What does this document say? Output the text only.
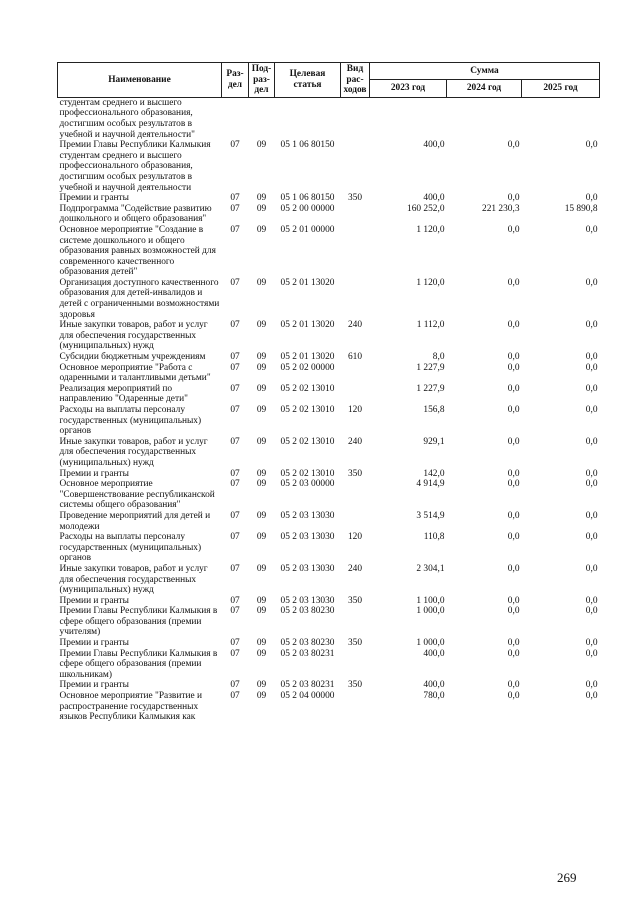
Наименование	Раз-дел	Под-раз-дел	Целевая статья	Вид рас-ходов	Сумма		
					2023 год	2024 год	2025 год
студентам среднего и высшего профессионального образования, достигшим особых результатов в учебной и научной деятельности"							
Премии Главы Республики Калмыкия студентам среднего и высшего профессионального образования, достигшим особых результатов в учебной и научной деятельности	07	09	05 1 06 80150		400,0	0,0	0,0
Премии и гранты	07	09	05 1 06 80150	350	400,0	0,0	0,0
Подпрограмма "Содействие развитию дошкольного и общего образования"	07	09	05 2 00 00000		160 252,0	221 230,3	15 890,8
Основное мероприятие "Создание в системе дошкольного и общего образования равных возможностей для современного качественного образования детей"	07	09	05 2 01 00000		1 120,0	0,0	0,0
Организация доступного качественного образования для детей-инвалидов и детей с ограниченными возможностями здоровья	07	09	05 2 01 13020		1 120,0	0,0	0,0
Иные закупки товаров, работ и услуг для обеспечения государственных (муниципальных) нужд	07	09	05 2 01 13020	240	1 112,0	0,0	0,0
Субсидии бюджетным учреждениям	07	09	05 2 01 13020	610	8,0	0,0	0,0
Основное мероприятие "Работа с одаренными и талантливыми детьми"	07	09	05 2 02 00000		1 227,9	0,0	0,0
Реализация мероприятий по направлению "Одаренные дети"	07	09	05 2 02 13010		1 227,9	0,0	0,0
Расходы на выплаты персоналу государственных (муниципальных) органов	07	09	05 2 02 13010	120	156,8	0,0	0,0
Иные закупки товаров, работ и услуг для обеспечения государственных (муниципальных) нужд	07	09	05 2 02 13010	240	929,1	0,0	0,0
Премии и гранты	07	09	05 2 02 13010	350	142,0	0,0	0,0
Основное мероприятие "Совершенствование республиканской системы общего образования"	07	09	05 2 03 00000		4 914,9	0,0	0,0
Проведение мероприятий для детей и молодежи	07	09	05 2 03 13030		3 514,9	0,0	0,0
Расходы на выплаты персоналу государственных (муниципальных) органов	07	09	05 2 03 13030	120	110,8	0,0	0,0
Иные закупки товаров, работ и услуг для обеспечения государственных (муниципальных) нужд	07	09	05 2 03 13030	240	2 304,1	0,0	0,0
Премии и гранты	07	09	05 2 03 13030	350	1 100,0	0,0	0,0
Премии Главы Республики Калмыкия в сфере общего образования (премии учителям)	07	09	05 2 03 80230		1 000,0	0,0	0,0
Премии и гранты	07	09	05 2 03 80230	350	1 000,0	0,0	0,0
Премии Главы Республики Калмыкия в сфере общего образования (премии школьникам)	07	09	05 2 03 80231		400,0	0,0	0,0
Премии и гранты	07	09	05 2 03 80231	350	400,0	0,0	0,0
Основное мероприятие "Развитие и распространение государственных языков Республики Калмыкия как	07	09	05 2 04 00000		780,0	0,0	0,0
269
